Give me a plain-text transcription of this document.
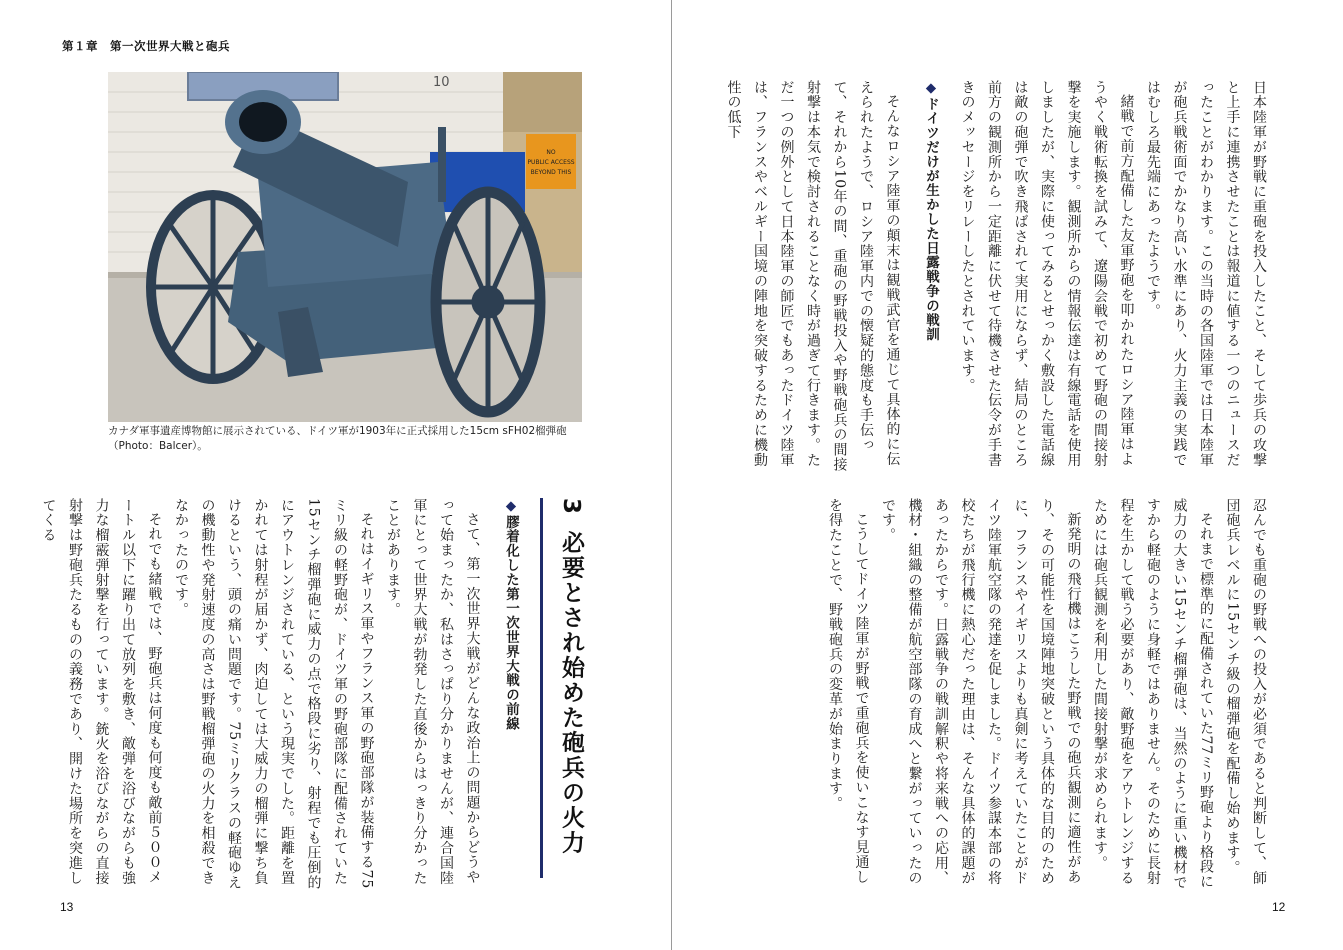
第１章　第一次世界大戦と砲兵
10
NO
PUBLIC ACCESS
BEYOND THIS
カナダ軍事遺産博物館に展示されている、ドイツ軍が1903年に正式採用した15cm sFH02榴弾砲
（Photo：Balcer）。
3必要とされ始めた砲兵の火力
◆膠着化した第一次世界大戦の前線
さて、第一次世界大戦がどんな政治上の問題からどうやって始まったか、私はさっぱり分かりませんが、連合国陸軍にとって世界大戦が勃発した直後からはっきり分かったことがあります。
それはイギリス軍やフランス軍の野砲部隊が装備する75ミリ級の軽野砲が、ドイツ軍の野砲部隊に配備されていた15センチ榴弾砲に威力の点で格段に劣り、射程でも圧倒的にアウトレンジされている、という現実でした。距離を置かれては射程が届かず、肉迫しては大威力の榴弾に撃ち負けるという、頭の痛い問題です。75ミリクラスの軽砲ゆえの機動性や発射速度の高さは野戦榴弾砲の火力を相殺できなかったのです。
それでも緒戦では、野砲兵は何度も何度も敵前５００メートル以下に躍り出て放列を敷き、敵弾を浴びながらも強力な榴霰弾射撃を行っています。銃火を浴びながらの直接射撃は野砲兵たるものの義務であり、開けた場所を突進してくる
13
日本陸軍が野戦に重砲を投入したこと、そして歩兵の攻撃と上手に連携させたことは報道に値する一つのニュースだったことがわかります。この当時の各国陸軍では日本陸軍が砲兵戦術面でかなり高い水準にあり、火力主義の実践ではむしろ最先端にあったようです。
緒戦で前方配備した友軍野砲を叩かれたロシア陸軍はようやく戦術転換を試みて、遼陽会戦で初めて野砲の間接射撃を実施します。観測所からの情報伝達は有線電話を使用しましたが、実際に使ってみるとせっかく敷設した電話線は敵の砲弾で吹き飛ばされて実用にならず、結局のところ前方の観測所から一定距離に伏せて待機させた伝令が手書きのメッセージをリレーしたとされています。
◆ドイツだけが生かした日露戦争の戦訓
そんなロシア陸軍の顛末は観戦武官を通じて具体的に伝えられたようで、ロシア陸軍内での懐疑的態度も手伝って、それから10年の間、重砲の野戦投入や野戦砲兵の間接射撃は本気で検討されることなく時が過ぎて行きます。ただ一つの例外として日本陸軍の師匠でもあったドイツ陸軍は、フランスやベルギー国境の陣地を突破するために機動性の低下
忍んでも重砲の野戦への投入が必須であると判断して、師団砲兵レベルに15センチ級の榴弾砲を配備し始めます。
それまで標準的に配備されていた77ミリ野砲より格段に威力の大きい15センチ榴弾砲は、当然のように重い機材ですから軽砲のように身軽ではありません。そのために長射程を生かして戦う必要があり、敵野砲をアウトレンジするためには砲兵観測を利用した間接射撃が求められます。
新発明の飛行機はこうした野戦での砲兵観測に適性があり、その可能性を国境陣地突破という具体的な目的のために、フランスやイギリスよりも真剣に考えていたことがドイツ陸軍航空隊の発達を促しました。ドイツ参謀本部の将校たちが飛行機に熱心だった理由は、そんな具体的課題があったからです。日露戦争の戦訓解釈や将来戦への応用、機材・組織の整備が航空部隊の育成へと繋がっていったのです。
こうしてドイツ陸軍が野戦で重砲兵を使いこなす見通しを得たことで、野戦砲兵の変革が始まります。
12
